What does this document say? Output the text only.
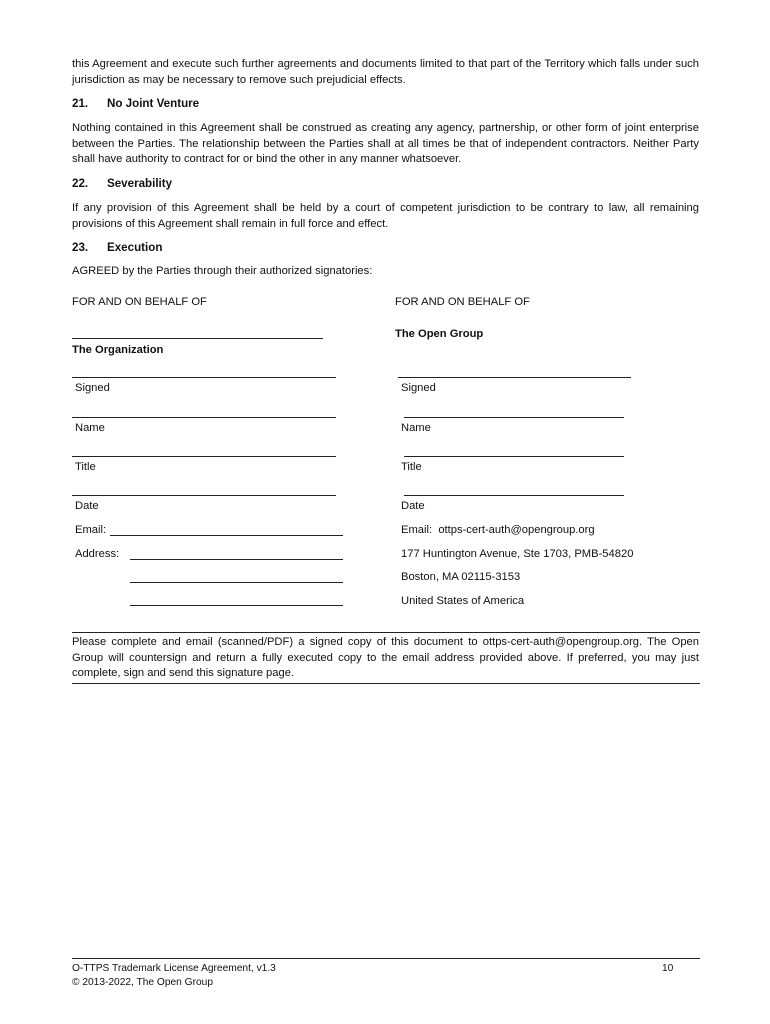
this Agreement and execute such further agreements and documents limited to that part of the Territory which falls under such jurisdiction as may be necessary to remove such prejudicial effects.

21. No Joint Venture

Nothing contained in this Agreement shall be construed as creating any agency, partnership, or other form of joint enterprise between the Parties. The relationship between the Parties shall at all times be that of independent contractors. Neither Party shall have authority to contract for or bind the other in any manner whatsoever.

22. Severability

If any provision of this Agreement shall be held by a court of competent jurisdiction to be contrary to law, all remaining provisions of this Agreement shall remain in full force and effect.

23. Execution

AGREED by the Parties through their authorized signatories:

FOR AND ON BEHALF OF

The Organization

Signed

Name

Title

Date

Email:

Address:

FOR AND ON BEHALF OF

The Open Group

Signed

Name

Title

Date

Email: ottps-cert-auth@opengroup.org

177 Huntington Avenue, Ste 1703, PMB-54820

Boston, MA 02115-3153

United States of America

Please complete and email (scanned/PDF) a signed copy of this document to ottps-cert-auth@opengroup.org. The Open Group will countersign and return a fully executed copy to the email address provided above. If preferred, you may just complete, sign and send this signature page.

O-TTPS Trademark License Agreement, v1.3

© 2013-2022, The Open Group

10
